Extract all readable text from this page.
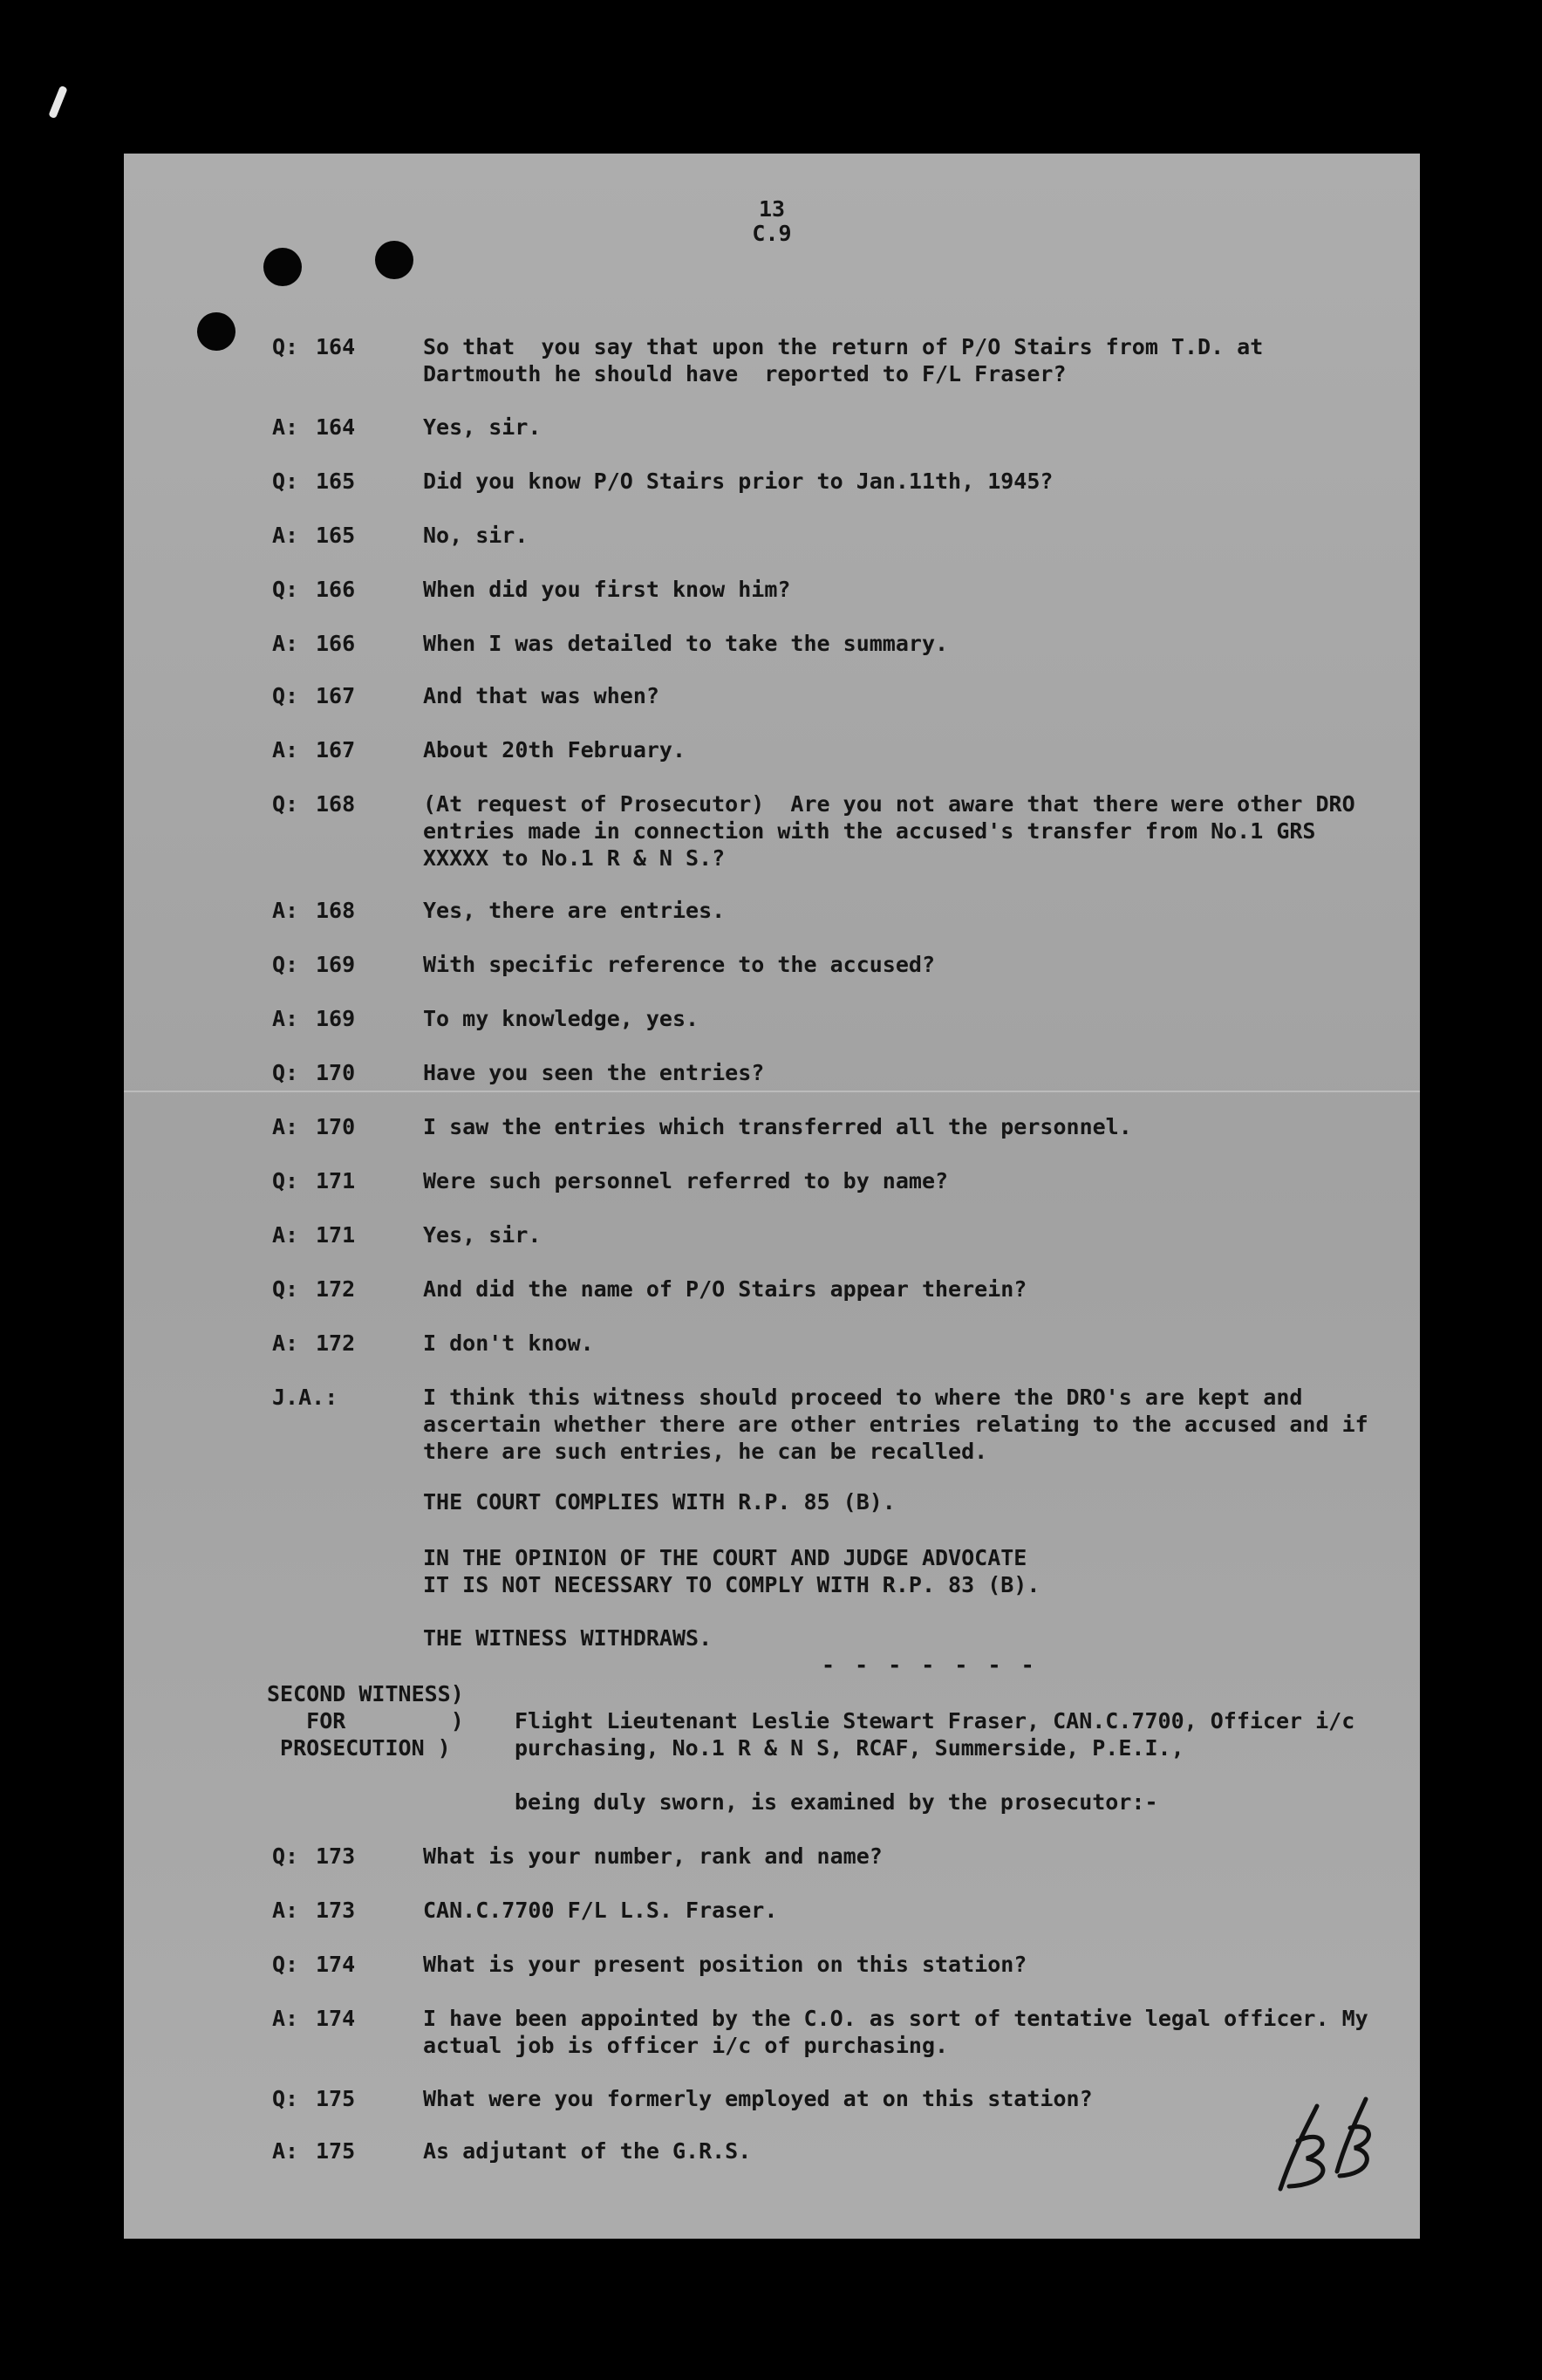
13
C.9
Q: 164	So that  you say that upon the return of P/O Stairs from T.D. at Dartmouth he should have  reported to F/L Fraser?
A: 164	Yes, sir.
Q: 165	Did you know P/O Stairs prior to Jan.11th, 1945?
A: 165	No, sir.
Q: 166	When did you first know him?
A: 166	When I was detailed to take the summary.
Q: 167	And that was when?
A: 167	About 20th February.
Q: 168	(At request of Prosecutor)  Are you not aware that there were other DRO entries made in connection with the accused's transfer from No.1 GRS XXXXX to No.1 R & N S.?
A: 168	Yes, there are entries.
Q: 169	With specific reference to the accused?
A: 169	To my knowledge, yes.
Q: 170	Have you seen the entries?
A: 170	I saw the entries which transferred all the personnel.
Q: 171	Were such personnel referred to by name?
A: 171	Yes, sir.
Q: 172	And did the name of P/O Stairs appear therein?
A: 172	I don't know.
J.A.:	I think this witness should proceed to where the DRO's are kept and ascertain whether there are other entries relating to the accused and if there are such entries, he can be recalled.
THE COURT COMPLIES WITH R.P. 85 (B).
IN THE OPINION OF THE COURT AND JUDGE ADVOCATE
IT IS NOT NECESSARY TO COMPLY WITH R.P. 83 (B).
THE WITNESS WITHDRAWS.
- - - - - - -
SECOND WITNESS)
FOR        )
PROSECUTION )
Flight Lieutenant Leslie Stewart Fraser, CAN.C.7700, Officer i/c purchasing, No.1 R & N S, RCAF, Summerside, P.E.I.,
being duly sworn, is examined by the prosecutor:-
Q: 173	What is your number, rank and name?
A: 173	CAN.C.7700 F/L L.S. Fraser.
Q: 174	What is your present position on this station?
A: 174	I have been appointed by the C.O. as sort of tentative legal officer. My actual job is officer i/c of purchasing.
Q: 175	What were you formerly employed at on this station?
A: 175	As adjutant of the G.R.S.
